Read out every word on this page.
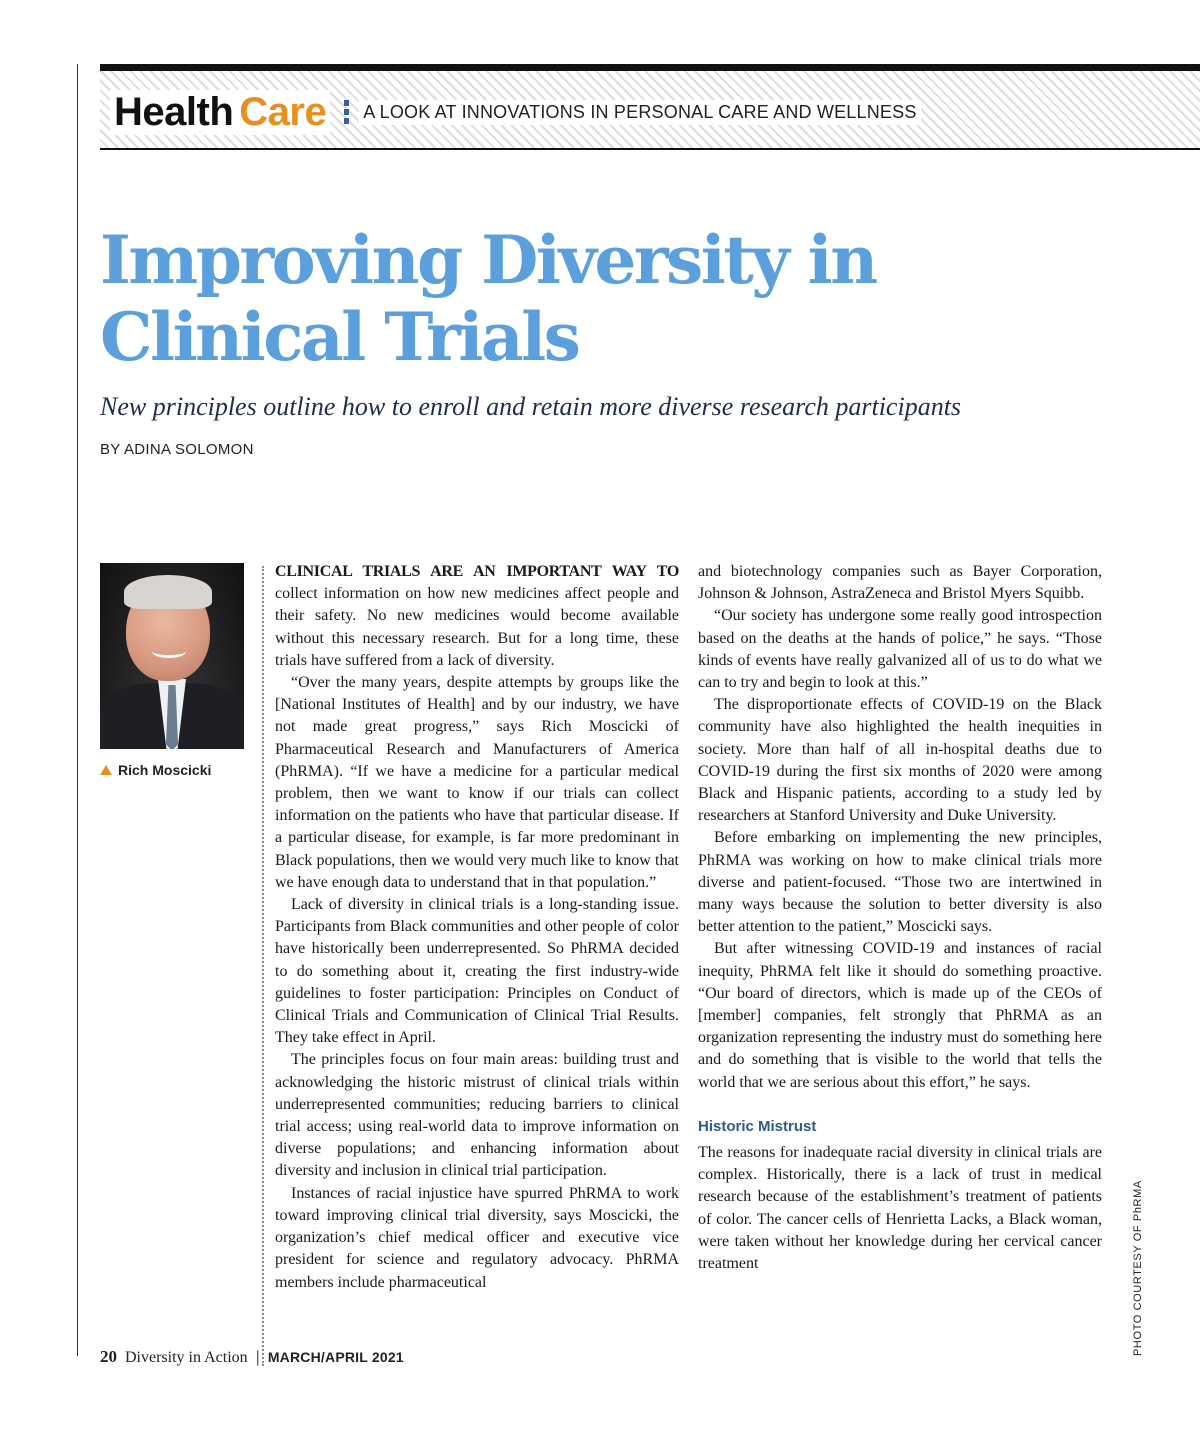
Health Care A LOOK AT INNOVATIONS IN PERSONAL CARE AND WELLNESS
Improving Diversity in Clinical Trials

New principles outline how to enroll and retain more diverse research participants

BY ADINA SOLOMON
Rich Moscicki

CLINICAL TRIALS ARE AN IMPORTANT WAY TO collect information on how new medicines affect people and their safety. No new medicines would become available without this necessary research. But for a long time, these trials have suffered from a lack of diversity.

“Over the many years, despite attempts by groups like the [National Institutes of Health] and by our industry, we have not made great progress,” says Rich Moscicki of Pharmaceutical Research and Manufacturers of America (PhRMA). “If we have a medicine for a particular medical problem, then we want to know if our trials can collect information on the patients who have that particular disease. If a particular disease, for example, is far more predominant in Black populations, then we would very much like to know that we have enough data to understand that in that population.”

Lack of diversity in clinical trials is a long-standing issue. Participants from Black communities and other people of color have historically been underrepresented. So PhRMA decided to do something about it, creating the first industry-wide guidelines to foster participation: Principles on Conduct of Clinical Trials and Communication of Clinical Trial Results. They take effect in April.

The principles focus on four main areas: building trust and acknowledging the historic mistrust of clinical trials within underrepresented communities; reducing barriers to clinical trial access; using real-world data to improve information on diverse populations; and enhancing information about diversity and inclusion in clinical trial participation.

Instances of racial injustice have spurred PhRMA to work toward improving clinical trial diversity, says Moscicki, the organization’s chief medical officer and executive vice president for science and regulatory advocacy. PhRMA members include pharmaceutical

and biotechnology companies such as Bayer Corporation, Johnson & Johnson, AstraZeneca and Bristol Myers Squibb.

“Our society has undergone some really good introspection based on the deaths at the hands of police,” he says. “Those kinds of events have really galvanized all of us to do what we can to try and begin to look at this.”

The disproportionate effects of COVID-19 on the Black community have also highlighted the health inequities in society. More than half of all in-hospital deaths due to COVID-19 during the first six months of 2020 were among Black and Hispanic patients, according to a study led by researchers at Stanford University and Duke University.

Before embarking on implementing the new principles, PhRMA was working on how to make clinical trials more diverse and patient-focused. “Those two are intertwined in many ways because the solution to better diversity is also better attention to the patient,” Moscicki says.

But after witnessing COVID-19 and instances of racial inequity, PhRMA felt like it should do something proactive. “Our board of directors, which is made up of the CEOs of [member] companies, felt strongly that PhRMA as an organization representing the industry must do something here and do something that is visible to the world that tells the world that we are serious about this effort,” he says.

Historic Mistrust

The reasons for inadequate racial diversity in clinical trials are complex. Historically, there is a lack of trust in medical research because of the establishment’s treatment of patients of color. The cancer cells of Henrietta Lacks, a Black woman, were taken without her knowledge during her cervical cancer treatment	PHOTO COURTESY OF PhRMA
20 Diversity in Action | MARCH/APRIL 2021
